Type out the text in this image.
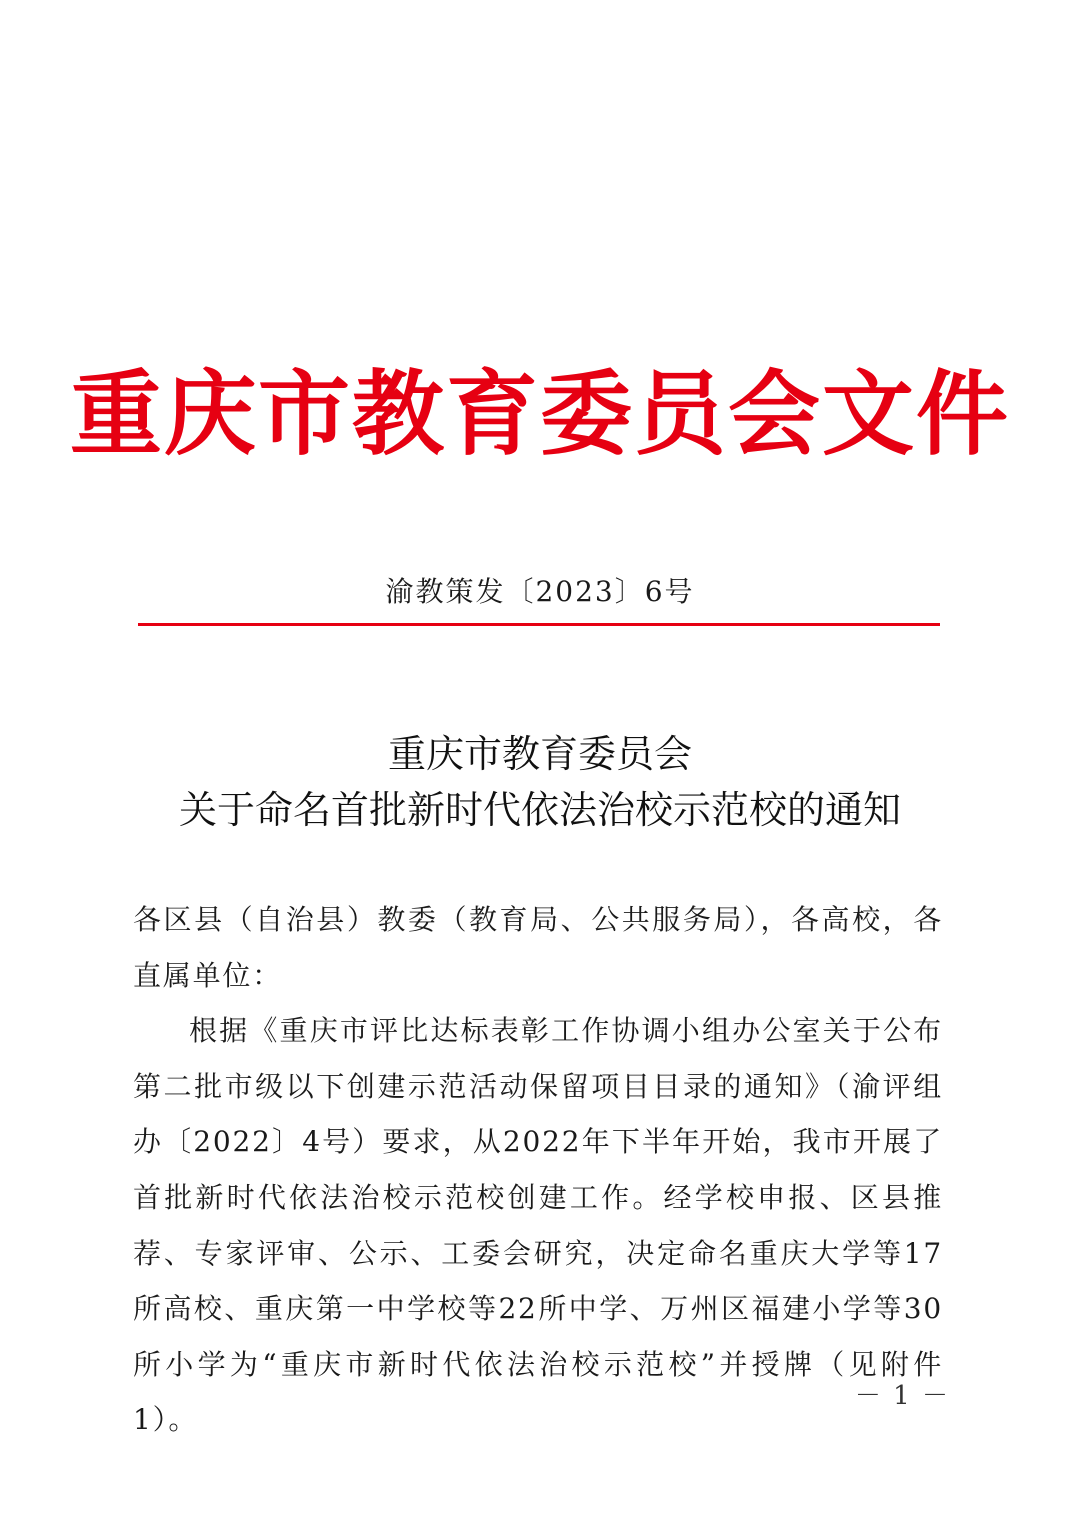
重庆市教育委员会文件
渝教策发〔2023〕6号
重庆市教育委员会
关于命名首批新时代依法治校示范校的通知

各区县（自治县）教委（教育局、公共服务局），各高校，各直属单位：

根据《重庆市评比达标表彰工作协调小组办公室关于公布第二批市级以下创建示范活动保留项目目录的通知》（渝评组办〔2022〕4号）要求，从2022年下半年开始，我市开展了首批新时代依法治校示范校创建工作。经学校申报、区县推荐、专家评审、公示、工委会研究，决定命名重庆大学等17所高校、重庆第一中学校等22所中学、万州区福建小学等30所小学为“重庆市新时代依法治校示范校”并授牌（见附件1）。

－ 1 －
